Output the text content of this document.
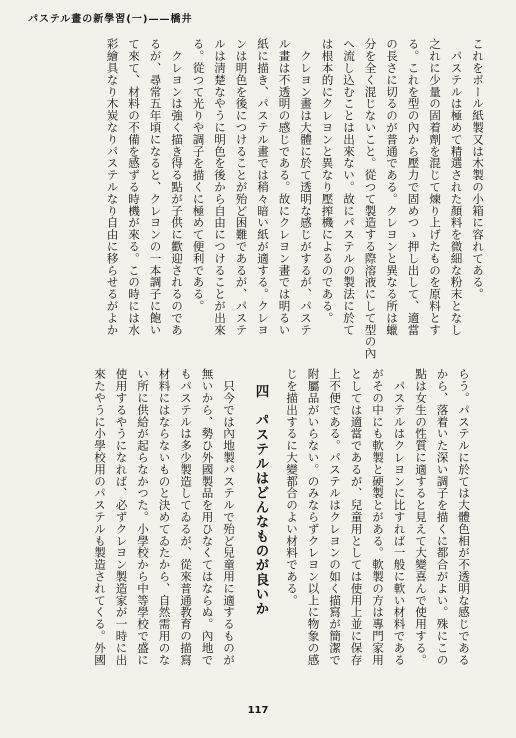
パステル畫の新學習(一)——橋井
これをボール紙製又は木製の小箱に容れてある。
　パステルは極めて精選された顏料を微細な粉末となし
之れに少量の固着劑を混じて煉り上げたものを原料とす
る。これを型の內から壓力で固めつゝ押し出して、適當
の長さに切るのが普通である。クレヨンと異なる所は蠟
分を全く混じないこと。從つて製造する際溶液にして型の內
へ流し込むことは出來ない。故にパステルの製法に於て
は根本的にクレヨンと異なり壓搾機によるのである。
　クレヨン畫は大體に於て透明な感じがするが、パステ
ル畫は不透明の感じである。故にクレヨン畫では明るい
紙に描き、パステル畫では稍々暗い紙が適する。クレヨ
ンは明色を後につけることが殆ど困難であるが、パステ
ルは淸楚なやうに明色を後から自由につけることが出來
る。從つて光りや調子を描くに極めて便利である。
　クレヨンは強く描き得る點が子供に歡迎されるのであ
るが、尋常五年頃になると、クレヨンの一本調子に飽い
て來て、材料の不備を感ずる時機が來る。この時には水
彩繪具なり木炭なりパステルなり自由に移らせるがよか
らう。パステルに於ては大體色相が不透明な感じである
から、落着いた深い調子を描くに都合がよい。殊にこの
點は女生の性質に適すると見えて大變喜んで使用する。
　パステルはクレヨンに比すれば一般に軟い材料である
がその中にも軟製と硬製とがある。軟製の方は專門家用
としては適當であるが、兒童用としては使用上並に保存
上不便である。パステルはクレヨンの如く描寫が簡潔で
附屬品がいらない。のみならずクレヨン以上に物象の感
じを描出するに大變都合のよい材料である。
四　パステルはどんなものが良いか
　只今では內地製パステルで殆ど兒童用に適するものが
無いから、勢ひ外國製品を用ひなくてはならぬ。內地で
もパステルは多少製造してゐるが、從來普通教育の描寫
材料にはならないものと決めてゐたから、自然需用のな
い所に供給が起らなかつた。小學校から中等學校で盛に
使用するやうになれば、必ずクレヨン製造家が一時に出
來たやうに小學校用のパステルも製造されてくる。外國
117
